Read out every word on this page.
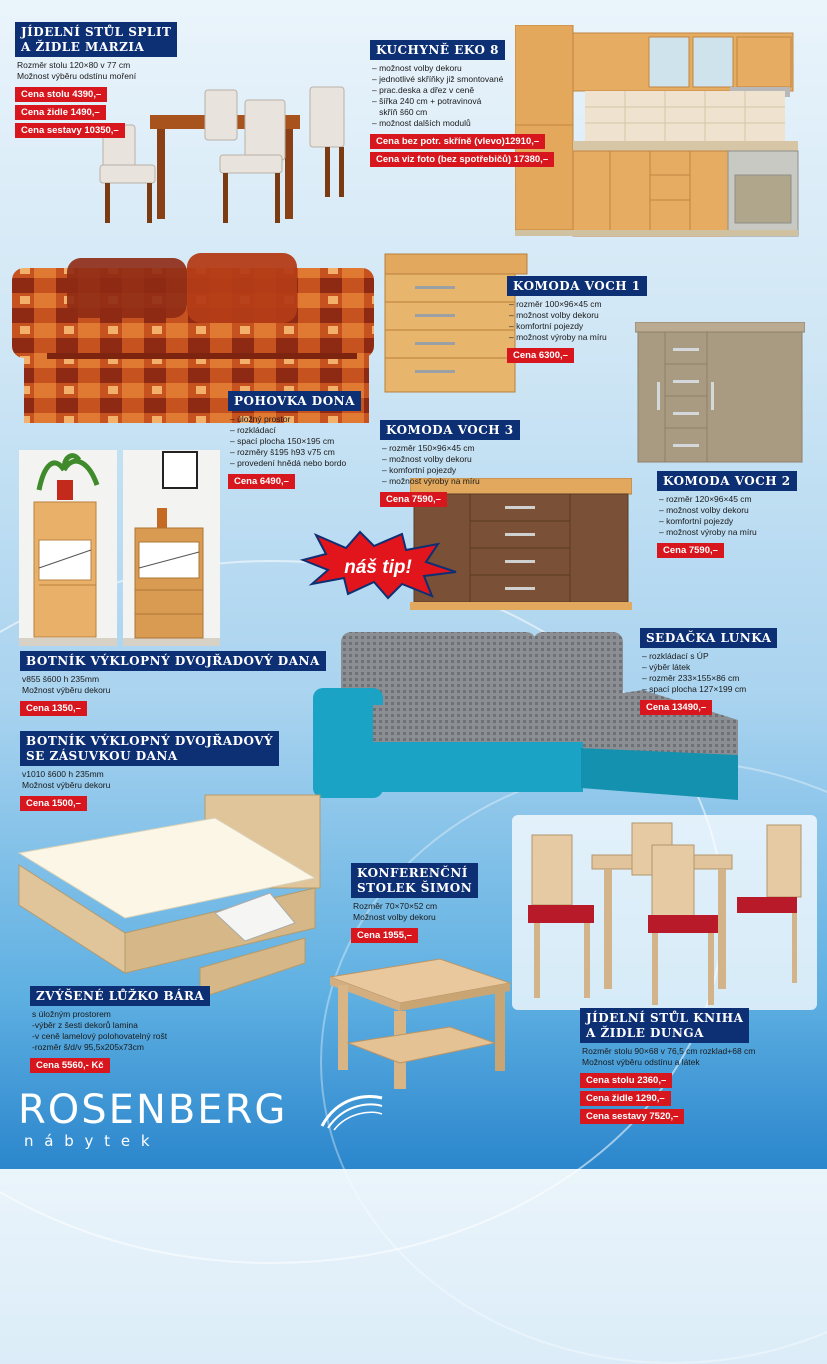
náš tip!
JÍDELNÍ STŮL SPLIT
A ŽIDLE MARZIA
Rozměr stolu 120×80 v 77 cm
Možnost výběru odstínu moření
Cena stolu 4390,–
Cena židle 1490,–
Cena sestavy 10350,–
KUCHYNĚ EKO 8
– možnost volby dekoru
– jednotlivé skříňky již smontované
– prac.deska a dřez v ceně
– šířka 240 cm + potravinová
skříň š60 cm
– možnost dalších modulů
Cena bez potr. skříně (vlevo)12910,–
Cena viz foto (bez spotřebičů) 17380,–
POHOVKA DONA
– úložný prostor
– rozkládací
– spací plocha 150×195 cm
– rozměry š195 h93 v75 cm
– provedení hnědá nebo bordo
Cena 6490,–
KOMODA VOCH 1
– rozměr 100×96×45 cm
– možnost volby dekoru
– komfortní pojezdy
– možnost výroby na míru
Cena 6300,–
KOMODA VOCH 3
– rozměr 150×96×45 cm
– možnost volby dekoru
– komfortní pojezdy
– možnost výroby na míru
Cena 7590,–
KOMODA VOCH 2
– rozměr 120×96×45 cm
– možnost volby dekoru
– komfortní pojezdy
– možnost výroby na míru
Cena 7590,–
BOTNÍK VÝKLOPNÝ DVOJŘADOVÝ DANA
v855 š600 h 235mm
Možnost výběru dekoru
Cena 1350,–
BOTNÍK VÝKLOPNÝ DVOJŘADOVÝ
SE ZÁSUVKOU DANA
v1010 š600 h 235mm
Možnost výběru dekoru
Cena 1500,–
SEDAČKA LUNKA
– rozkládací s ÚP
– výběr látek
– rozměr 233×155×86 cm
– spací plocha 127×199 cm
Cena 13490,–
KONFERENČNÍ
STOLEK ŠIMON
Rozměr 70×70×52 cm
Možnost volby dekoru
Cena 1955,–
ZVÝŠENÉ LŮŽKO BÁRA
s úložným prostorem
-výběr z šesti dekorů lamina
-v ceně lamelový polohovatelný rošt
-rozměr š/d/v 95,5x205x73cm
Cena 5560,- Kč
JÍDELNÍ STŮL KNIHA
A ŽIDLE DUNGA
Rozměr stolu 90×68 v 76,5 cm rozklad+68 cm
Možnost výběru odstínu a látek
Cena stolu 2360,–
Cena židle 1290,–
Cena sestavy 7520,–
ROSENBERG
n á b y t e k
